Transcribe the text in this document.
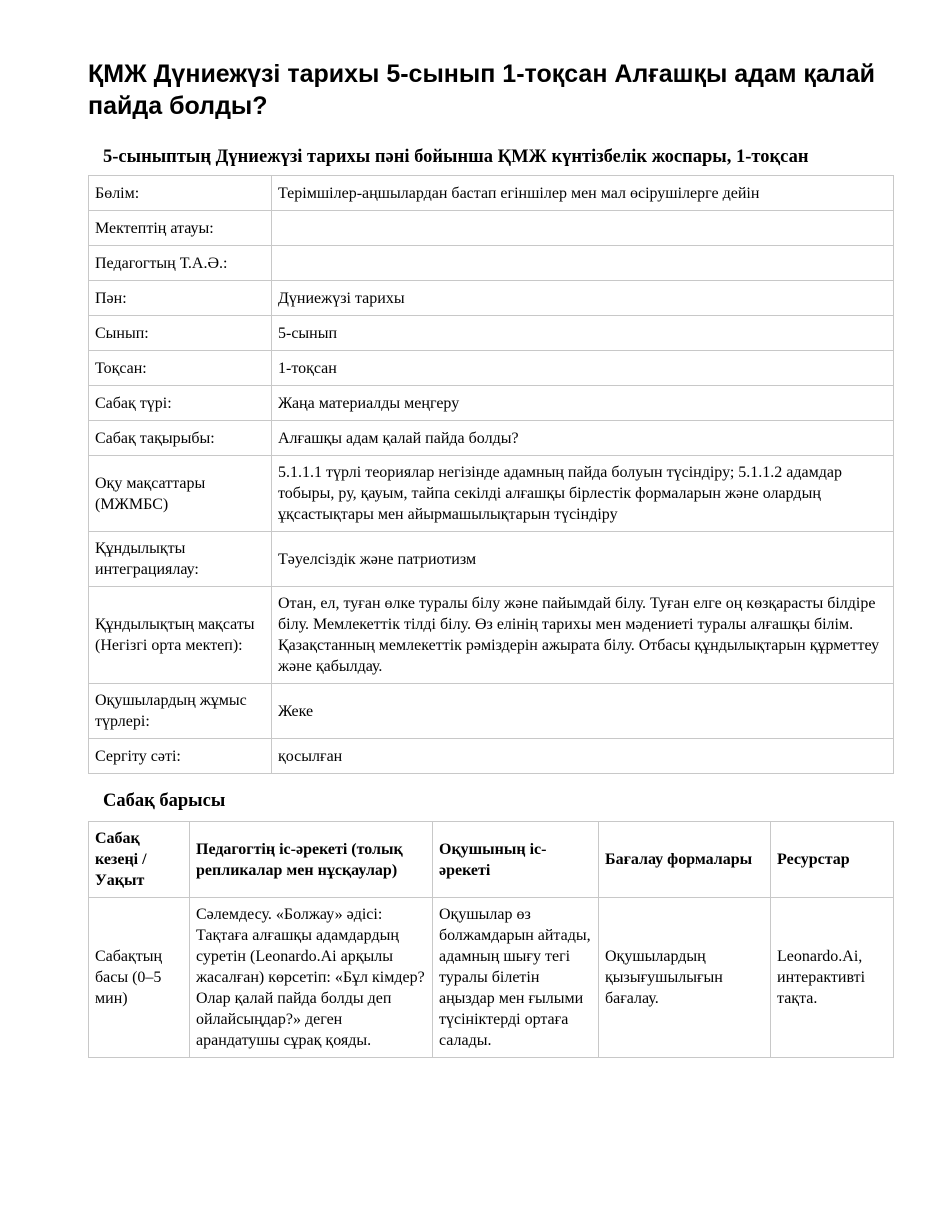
ҚМЖ Дүниежүзі тарихы 5-сынып 1-тоқсан Алғашқы адам қалай пайда болды?
5-сыныптың Дүниежүзі тарихы пәні бойынша ҚМЖ күнтізбелік жоспары, 1-тоқсан
Бөлім:	Терімшілер-аңшылардан бастап егіншілер мен мал өсірушілерге дейін
Мектептің атауы:	
Педагогтың Т.А.Ә.:	
Пән:	Дүниежүзі тарихы
Сынып:	5-сынып
Тоқсан:	1-тоқсан
Сабақ түрі:	Жаңа материалды меңгеру
Сабақ тақырыбы:	Алғашқы адам қалай пайда болды?
Оқу мақсаттары (МЖМБС)	5.1.1.1 түрлі теориялар негізінде адамның пайда болуын түсіндіру; 5.1.1.2 адамдар тобыры, ру, қауым, тайпа секілді алғашқы бірлестік формаларын және олардың ұқсастықтары мен айырмашылықтарын түсіндіру
Құндылықты интеграциялау:	Тәуелсіздік және патриотизм
Құндылықтың мақсаты (Негізгі орта мектеп):	Отан, ел, туған өлке туралы білу және пайымдай білу. Туған елге оң көзқарасты білдіре білу. Мемлекеттік тілді білу. Өз елінің тарихы мен мәдениеті туралы алғашқы білім. Қазақстанның мемлекеттік рәміздерін ажырата білу. Отбасы құндылықтарын құрметтеу және қабылдау.
Оқушылардың жұмыс түрлері:	Жеке
Сергіту сәті:	қосылған
Сабақ барысы
Сабақ кезеңі / Уақыт	Педагогтің іс-әрекеті (толық репликалар мен нұсқаулар)	Оқушының іс-әрекеті	Бағалау формалары	Ресурстар
Сабақтың басы (0–5 мин)	Сәлемдесу. «Болжау» әдісі: Тақтаға алғашқы адамдардың суретін (Leonardo.Ai арқылы жасалған) көрсетіп: «Бұл кімдер? Олар қалай пайда болды деп ойлайсыңдар?» деген арандатушы сұрақ қояды.	Оқушылар өз болжамдарын айтады, адамның шығу тегі туралы білетін аңыздар мен ғылыми түсініктерді ортаға салады.	Оқушылардың қызығушылығын бағалау.	Leonardo.Ai, интерактивті тақта.
